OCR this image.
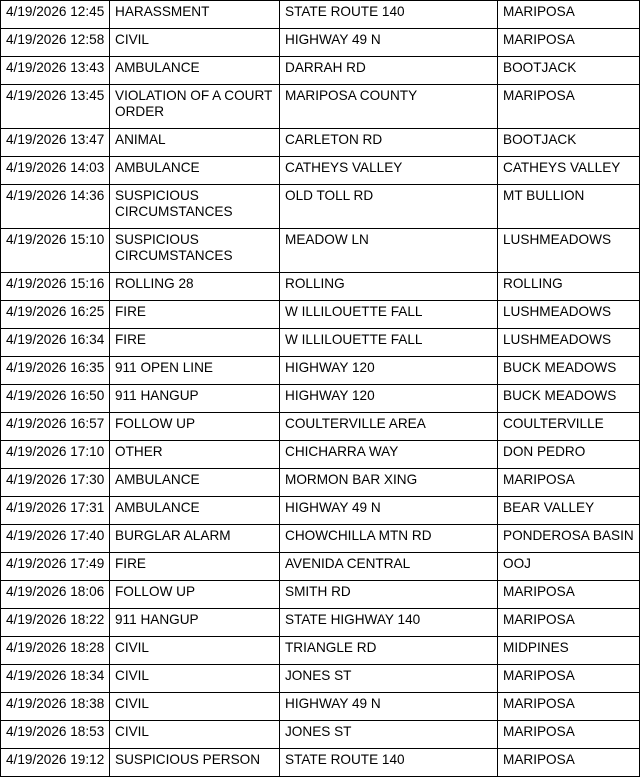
4/19/2026 12:45	HARASSMENT	STATE ROUTE 140	MARIPOSA
4/19/2026 12:58	CIVIL	HIGHWAY 49 N	MARIPOSA
4/19/2026 13:43	AMBULANCE	DARRAH RD	BOOTJACK
4/19/2026 13:45	VIOLATION OF A COURT ORDER	MARIPOSA COUNTY	MARIPOSA
4/19/2026 13:47	ANIMAL	CARLETON RD	BOOTJACK
4/19/2026 14:03	AMBULANCE	CATHEYS VALLEY	CATHEYS VALLEY
4/19/2026 14:36	SUSPICIOUS CIRCUMSTANCES	OLD TOLL RD	MT BULLION
4/19/2026 15:10	SUSPICIOUS CIRCUMSTANCES	MEADOW LN	LUSHMEADOWS
4/19/2026 15:16	ROLLING 28	ROLLING	ROLLING
4/19/2026 16:25	FIRE	W ILLILOUETTE FALL	LUSHMEADOWS
4/19/2026 16:34	FIRE	W ILLILOUETTE FALL	LUSHMEADOWS
4/19/2026 16:35	911 OPEN LINE	HIGHWAY 120	BUCK MEADOWS
4/19/2026 16:50	911 HANGUP	HIGHWAY 120	BUCK MEADOWS
4/19/2026 16:57	FOLLOW UP	COULTERVILLE AREA	COULTERVILLE
4/19/2026 17:10	OTHER	CHICHARRA WAY	DON PEDRO
4/19/2026 17:30	AMBULANCE	MORMON BAR XING	MARIPOSA
4/19/2026 17:31	AMBULANCE	HIGHWAY 49 N	BEAR VALLEY
4/19/2026 17:40	BURGLAR ALARM	CHOWCHILLA MTN RD	PONDEROSA BASIN
4/19/2026 17:49	FIRE	AVENIDA CENTRAL	OOJ
4/19/2026 18:06	FOLLOW UP	SMITH RD	MARIPOSA
4/19/2026 18:22	911 HANGUP	STATE HIGHWAY 140	MARIPOSA
4/19/2026 18:28	CIVIL	TRIANGLE RD	MIDPINES
4/19/2026 18:34	CIVIL	JONES ST	MARIPOSA
4/19/2026 18:38	CIVIL	HIGHWAY 49 N	MARIPOSA
4/19/2026 18:53	CIVIL	JONES ST	MARIPOSA
4/19/2026 19:12	SUSPICIOUS PERSON	STATE ROUTE 140	MARIPOSA
